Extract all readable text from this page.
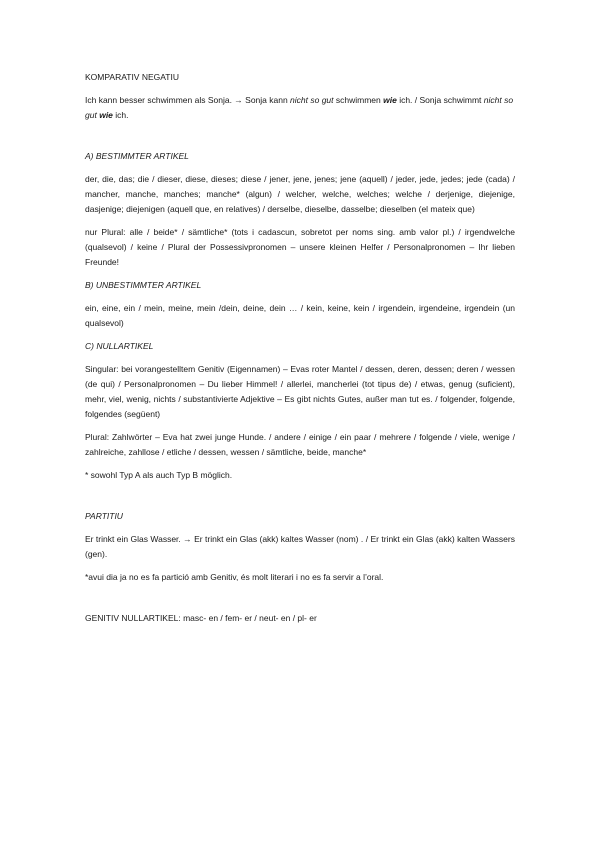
KOMPARATIV NEGATIU

Ich kann besser schwimmen als Sonja. → Sonja kann nicht so gut schwimmen wie ich. / Sonja schwimmt nicht so gut wie ich.

A) BESTIMMTER ARTIKEL

der, die, das; die / dieser, diese, dieses; diese / jener, jene, jenes; jene (aquell) / jeder, jede, jedes; jede (cada) / mancher, manche, manches; manche* (algun) / welcher, welche, welches; welche / derjenige, diejenige, dasjenige; diejenigen (aquell que, en relatives) / derselbe, dieselbe, dasselbe; dieselben (el mateix que)

nur Plural: alle / beide* / sämtliche* (tots i cadascun, sobretot per noms sing. amb valor pl.) / irgendwelche (qualsevol) / keine / Plural der Possessivpronomen – unsere kleinen Helfer / Personalpronomen – Ihr lieben Freunde!

B) UNBESTIMMTER ARTIKEL

ein, eine, ein / mein, meine, mein /dein, deine, dein … / kein, keine, kein / irgendein, irgendeine, irgendein (un qualsevol)

C) NULLARTIKEL

Singular: bei vorangestelltem Genitiv (Eigennamen) – Evas roter Mantel / dessen, deren, dessen; deren / wessen (de qui) / Personalpronomen – Du lieber Himmel! / allerlei, mancherlei (tot tipus de) / etwas, genug (suficient), mehr, viel, wenig, nichts / substantivierte Adjektive – Es gibt nichts Gutes, außer man tut es. / folgender, folgende, folgendes (següent)

Plural: Zahlwörter – Eva hat zwei junge Hunde. / andere / einige / ein paar / mehrere / folgende / viele, wenige / zahlreiche, zahllose / etliche / dessen, wessen / sämtliche, beide, manche*

* sowohl Typ A als auch Typ B möglich.

PARTITIU

Er trinkt ein Glas Wasser. → Er trinkt ein Glas (akk) kaltes Wasser (nom) . / Er trinkt ein Glas (akk) kalten Wassers (gen).

*avui dia ja no es fa partició amb Genitiv, és molt literari i no es fa servir a l’oral.

GENITIV NULLARTIKEL: masc- en / fem- er / neut- en / pl- er
